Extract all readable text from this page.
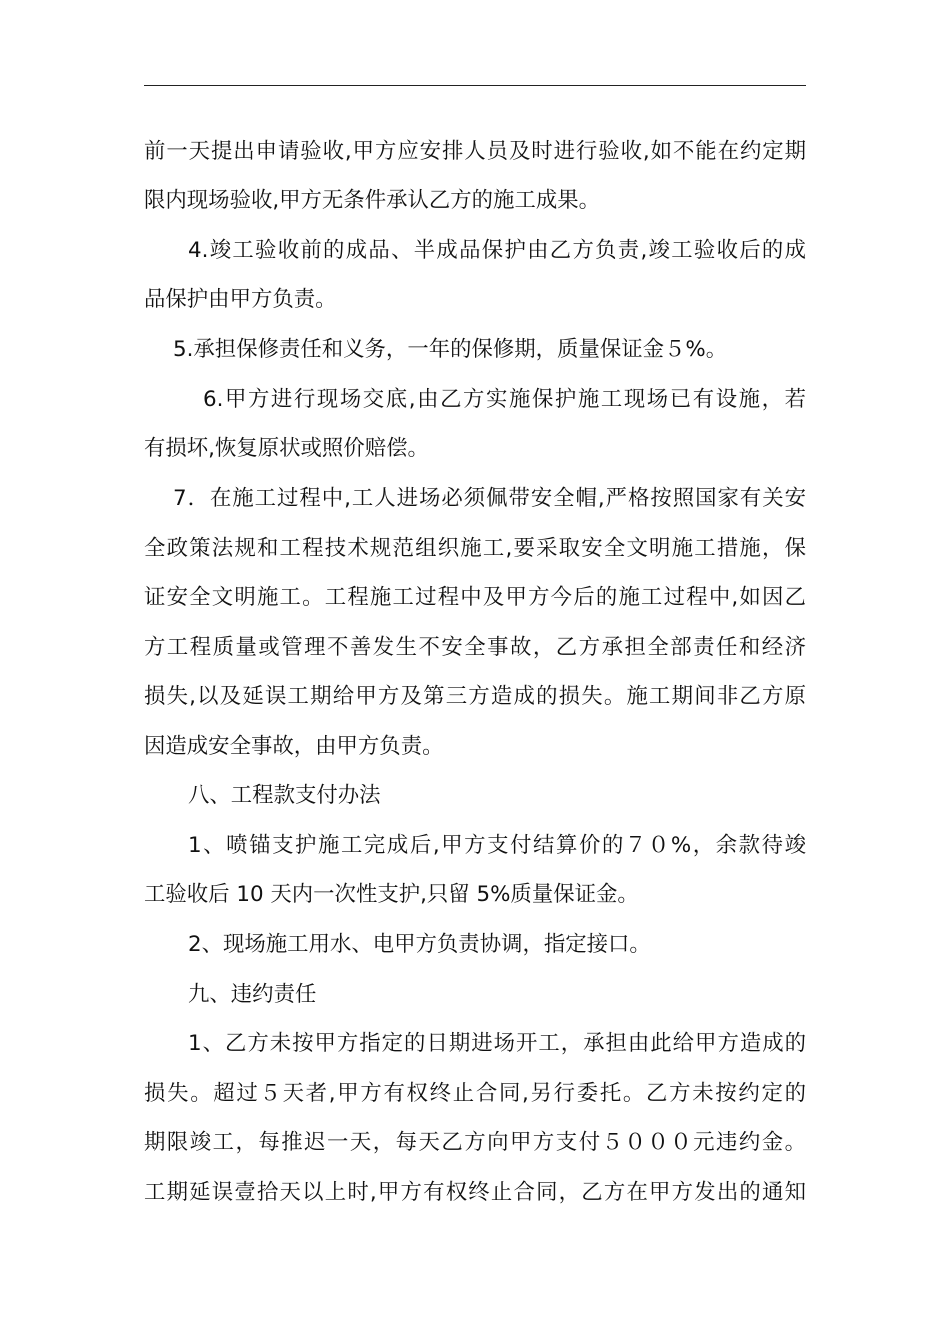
前一天提出申请验收,甲方应安排人员及时进行验收,如不能在约定期
限内现场验收,甲方无条件承认乙方的施工成果。
4.竣工验收前的成品、半成品保护由乙方负责,竣工验收后的成
品保护由甲方负责。
5.承担保修责任和义务，一年的保修期，质量保证金５%。
6.甲方进行现场交底,由乙方实施保护施工现场已有设施，若
有损坏,恢复原状或照价赔偿。
7．在施工过程中,工人进场必须佩带安全帽,严格按照国家有关安
全政策法规和工程技术规范组织施工,要采取安全文明施工措施，保
证安全文明施工。工程施工过程中及甲方今后的施工过程中,如因乙
方工程质量或管理不善发生不安全事故，乙方承担全部责任和经济
损失,以及延误工期给甲方及第三方造成的损失。施工期间非乙方原
因造成安全事故，由甲方负责。
八、工程款支付办法
1、喷锚支护施工完成后,甲方支付结算价的７０%，余款待竣
工验收后 10 天内一次性支护,只留 5%质量保证金。
2、现场施工用水、电甲方负责协调，指定接口。
九、违约责任
1、乙方未按甲方指定的日期进场开工，承担由此给甲方造成的
损失。超过５天者,甲方有权终止合同,另行委托。乙方未按约定的
期限竣工，每推迟一天，每天乙方向甲方支付５０００元违约金。
工期延误壹拾天以上时,甲方有权终止合同，乙方在甲方发出的通知
